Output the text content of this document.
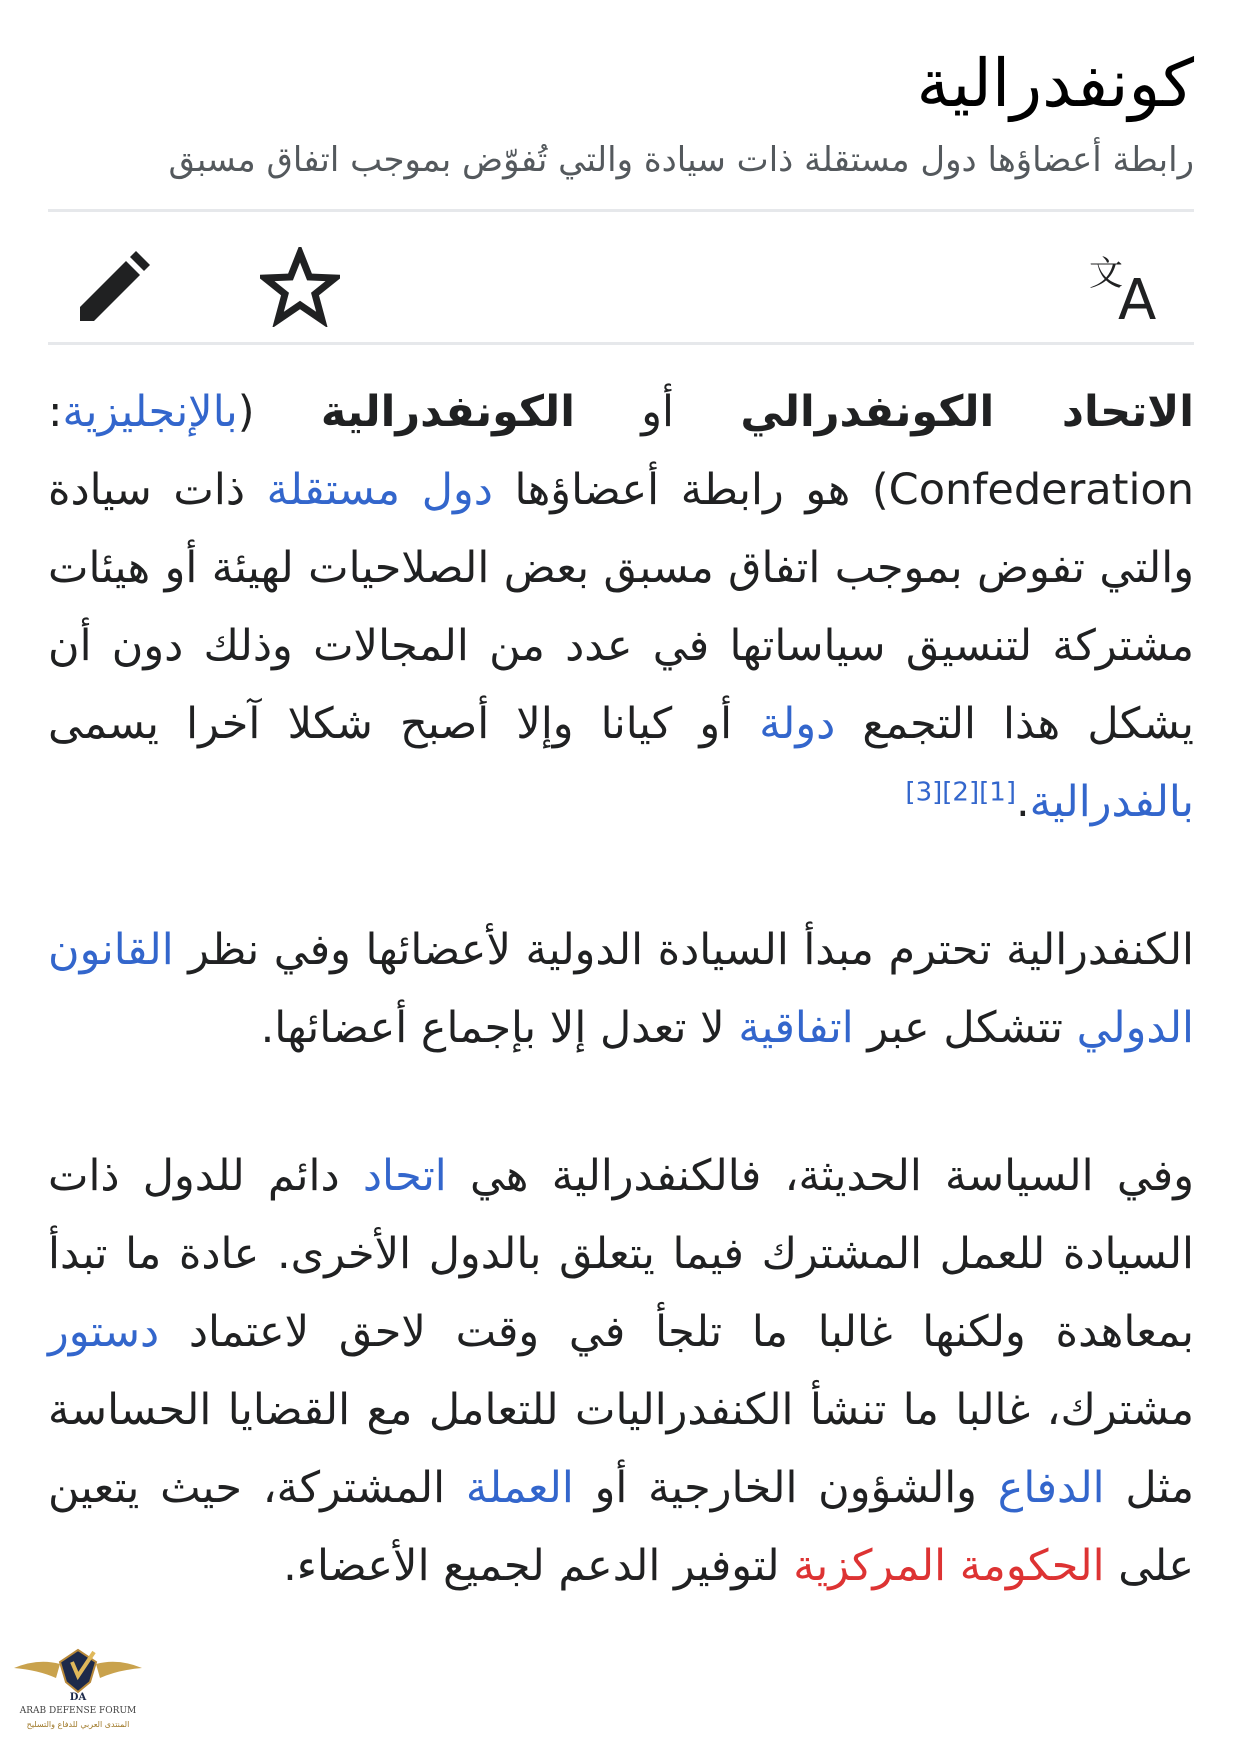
كونفدرالية
رابطة أعضاؤها دول مستقلة ذات سيادة والتي تُفوّض بموجب اتفاق مسبق
文
A

الاتحاد الكونفدرالي أو الكونفدرالية (بالإنجليزية: Confederation) هو رابطة أعضاؤها دول مستقلة ذات سيادة والتي تفوض بموجب اتفاق مسبق بعض الصلاحيات لهيئة أو هيئات مشتركة لتنسيق سياساتها في عدد من المجالات وذلك دون أن يشكل هذا التجمع دولة أو كيانا وإلا أصبح شكلا آخرا يسمى بالفدرالية.[1][2][3]

الكنفدرالية تحترم مبدأ السيادة الدولية لأعضائها وفي نظر القانون الدولي تتشكل عبر اتفاقية لا تعدل إلا بإجماع أعضائها.

وفي السياسة الحديثة، فالكنفدرالية هي اتحاد دائم للدول ذات السيادة للعمل المشترك فيما يتعلق بالدول الأخرى. عادة ما تبدأ بمعاهدة ولكنها غالبا ما تلجأ في وقت لاحق لاعتماد دستور مشترك، غالبا ما تنشأ الكنفدراليات للتعامل مع القضايا الحساسة مثل الدفاع والشؤون الخارجية أو العملة المشتركة، حيث يتعين على الحكومة المركزية لتوفير الدعم لجميع الأعضاء.

DA
ARAB DEFENSE FORUM
المنتدى العربي للدفاع والتسليح
